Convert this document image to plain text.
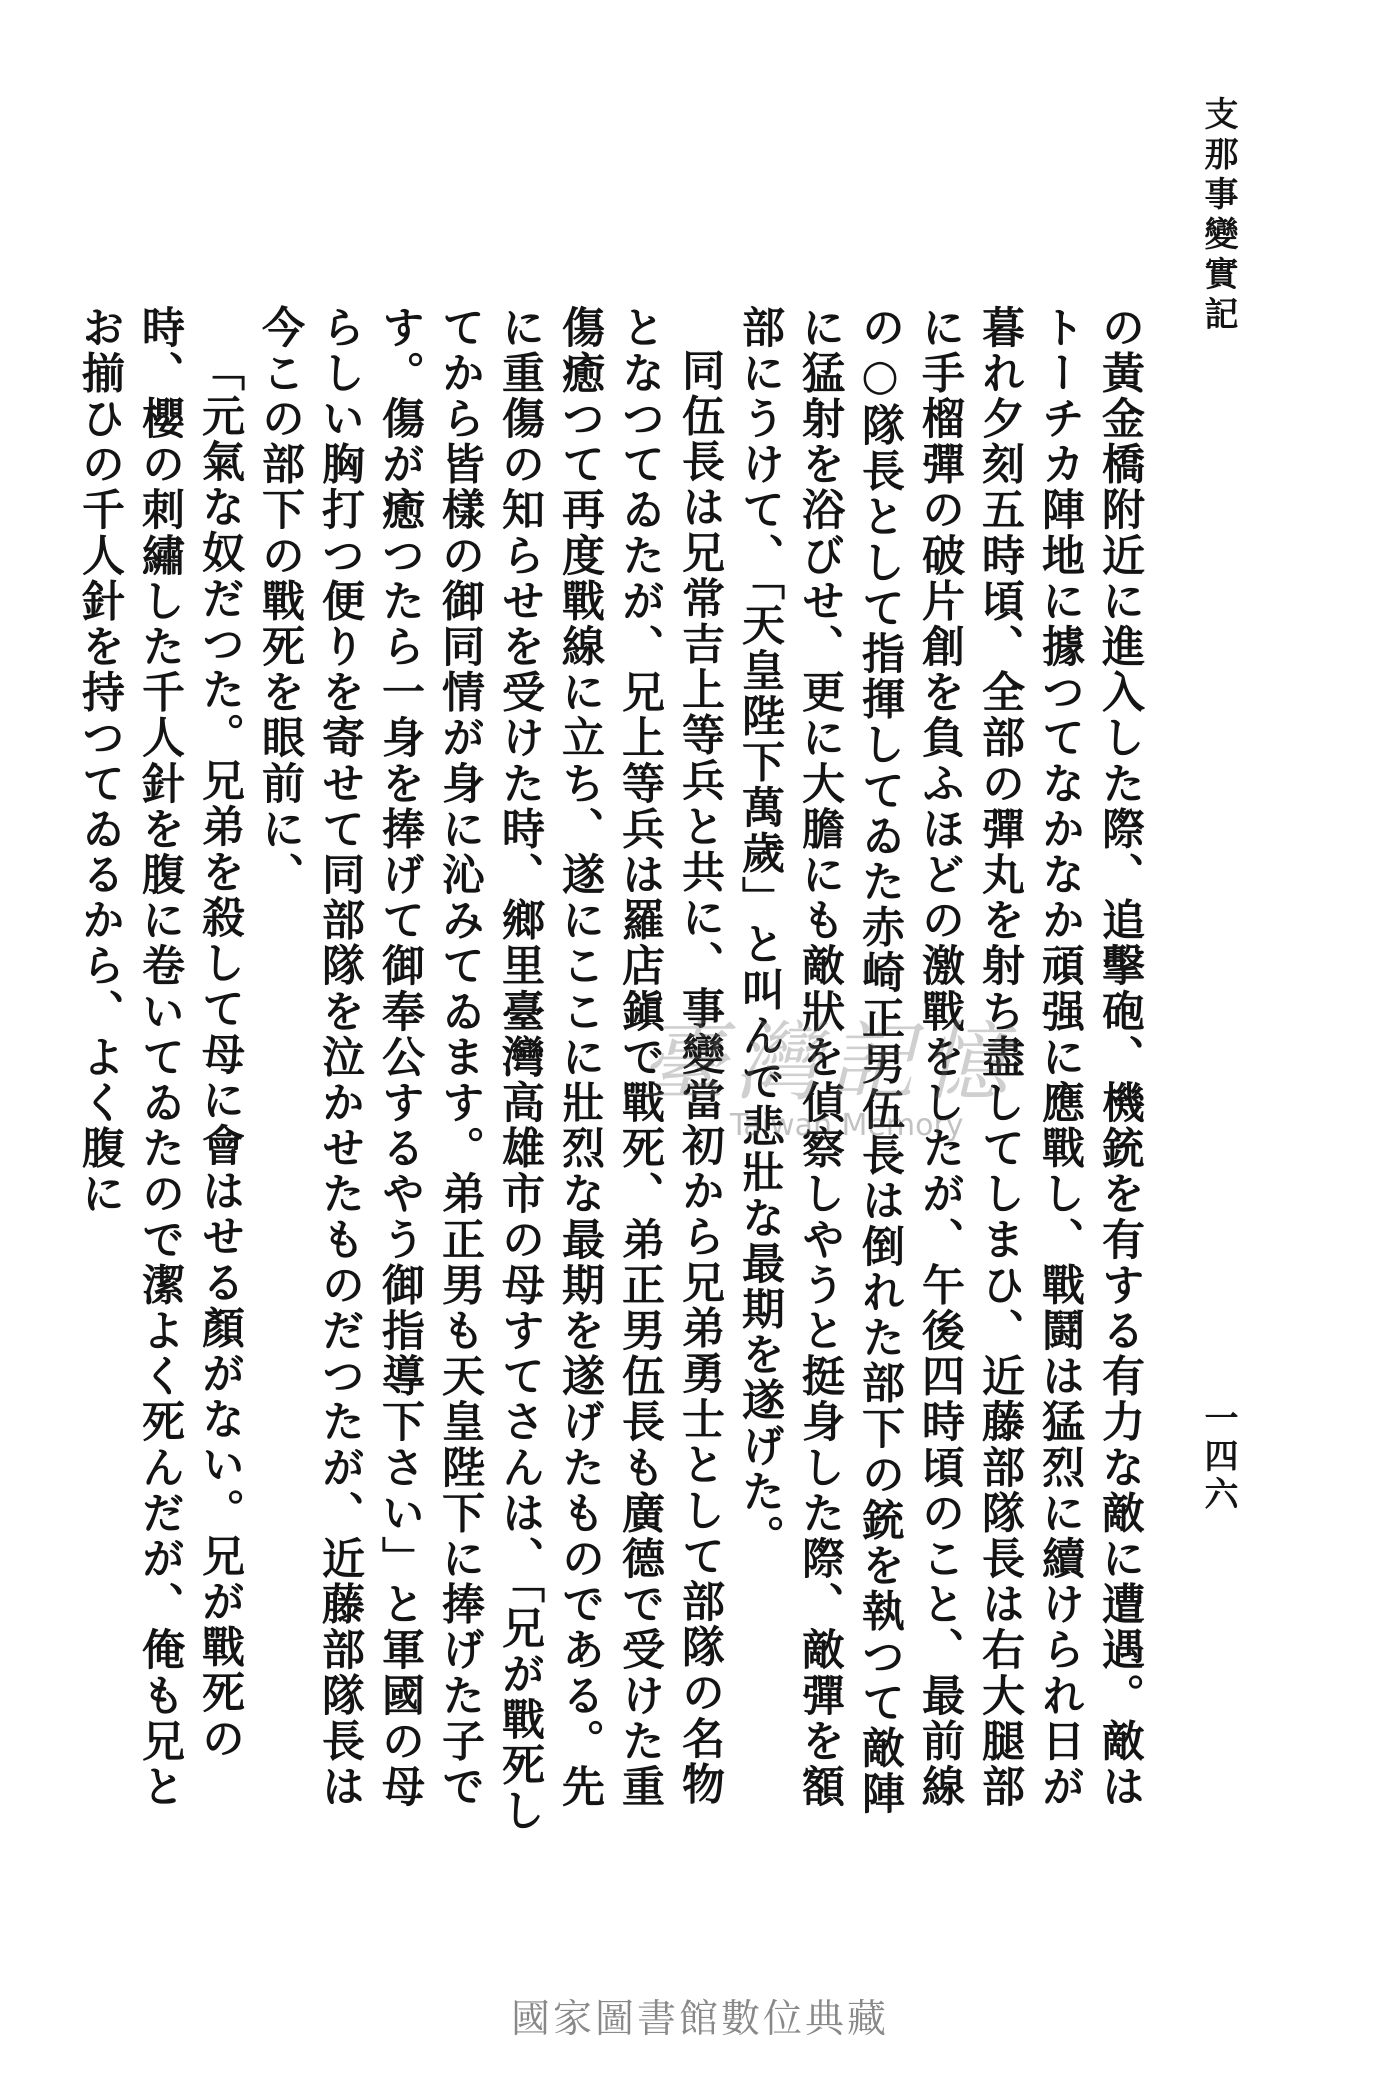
支那事變實記
一四六

の黃金橋附近に進入した際、追擊砲、機銃を有する有力な敵に遭遇。敵はトーチカ陣地に據つてなかなか頑强に應戰し、戰鬪は猛烈に續けられ日が暮れ夕刻五時頃、全部の彈丸を射ち盡してしまひ、近藤部隊長は右大腿部に手榴彈の破片創を負ふほどの激戰をしたが、午後四時頃のこと、最前線の○隊長として指揮してゐた赤崎正男伍長は倒れた部下の銃を執つて敵陣に猛射を浴びせ、更に大膽にも敵狀を偵察しやうと挺身した際、敵彈を額部にうけて、「天皇陛下萬歲」と叫んで悲壯な最期を遂げた。

同伍長は兄常吉上等兵と共に、事變當初から兄弟勇士として部隊の名物となつてゐたが、兄上等兵は羅店鎭で戰死、弟正男伍長も廣德で受けた重傷癒つて再度戰線に立ち、遂にここに壯烈な最期を遂げたものである。先に重傷の知らせを受けた時、鄉里臺灣高雄市の母すてさんは、「兄が戰死してから皆樣の御同情が身に沁みてゐます。弟正男も天皇陛下に捧げた子です。傷が癒つたら一身を捧げて御奉公するやう御指導下さい」と軍國の母らしい胸打つ便りを寄せて同部隊を泣かせたものだつたが、近藤部隊長は今この部下の戰死を眼前に、

「元氣な奴だつた。兄弟を殺して母に會はせる顏がない。兄が戰死の時、櫻の刺繡した千人針を腹に卷いてゐたので潔よく死んだが、俺も兄とお揃ひの千人針を持つてゐるから、よく腹に	臺灣記憶
Taiwan Memory
國家圖書館數位典藏
